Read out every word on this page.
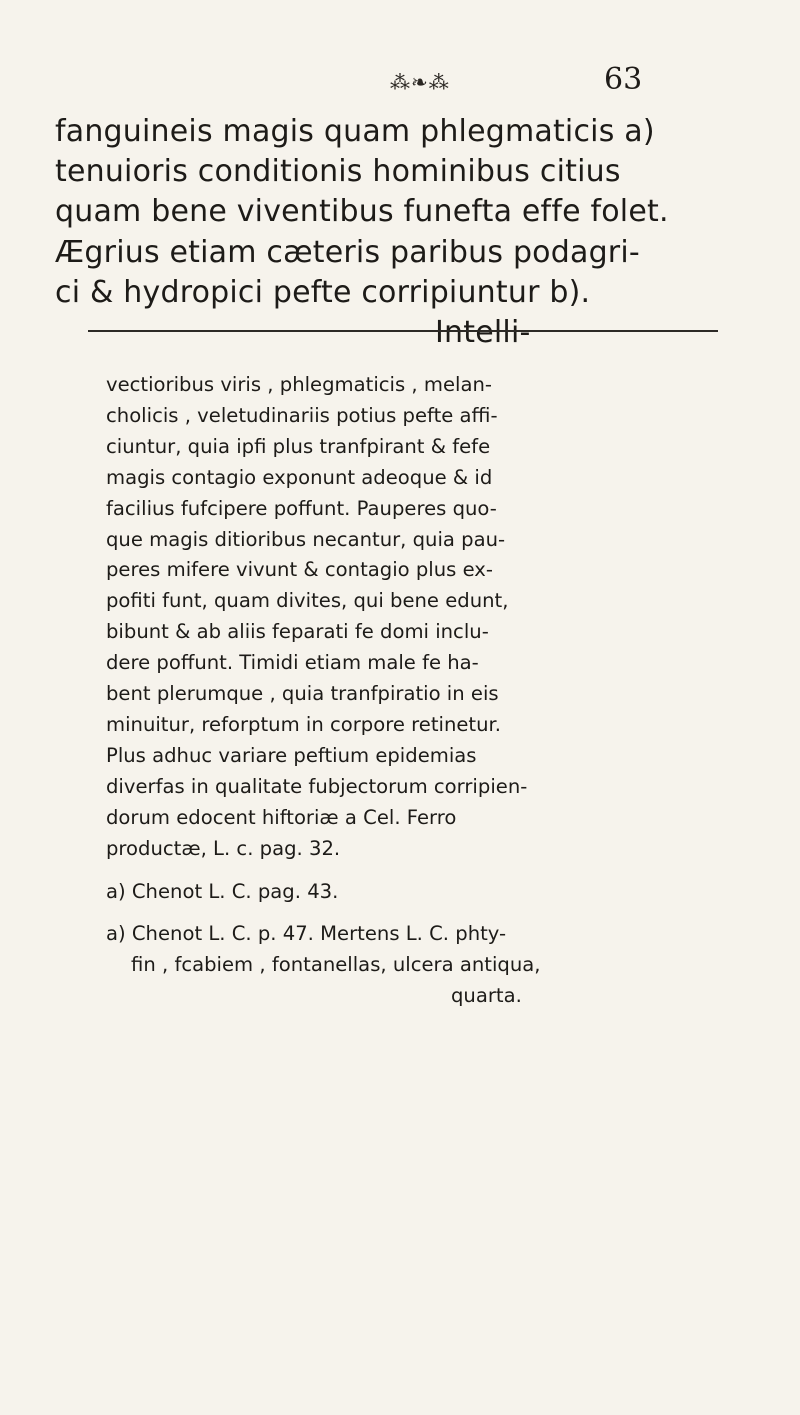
⁂❧⁂	63
fanguineis magis quam phlegmaticis a)
tenuioris conditionis hominibus citius
quam bene viventibus funefta effe folet.
Ægrius etiam cæteris paribus podagri-
ci & hydropici pefte corripiuntur b).
Intelli-
vectioribus viris , phlegmaticis , melan-
cholicis , veletudinariis potius pefte affi-
ciuntur, quia ipfi plus tranfpirant & fefe
magis contagio exponunt adeoque & id
facilius fufcipere poffunt. Pauperes quo-
que magis ditioribus necantur, quia pau-
peres mifere vivunt & contagio plus ex-
pofiti funt, quam divites, qui bene edunt,
bibunt & ab aliis feparati fe domi inclu-
dere poffunt. Timidi etiam male fe ha-
bent plerumque , quia tranfpiratio in eis
minuitur, reforptum in corpore retinetur.
Plus adhuc variare peftium epidemias
diverfas in qualitate fubjectorum corripien-
dorum edocent hiftoriæ a Cel. Ferro
productæ, L. c. pag. 32.
a) Chenot L. C. pag. 43.
a) Chenot L. C. p. 47. Mertens L. C. phty-
fin , fcabiem , fontanellas, ulcera antiqua,
quarta.
